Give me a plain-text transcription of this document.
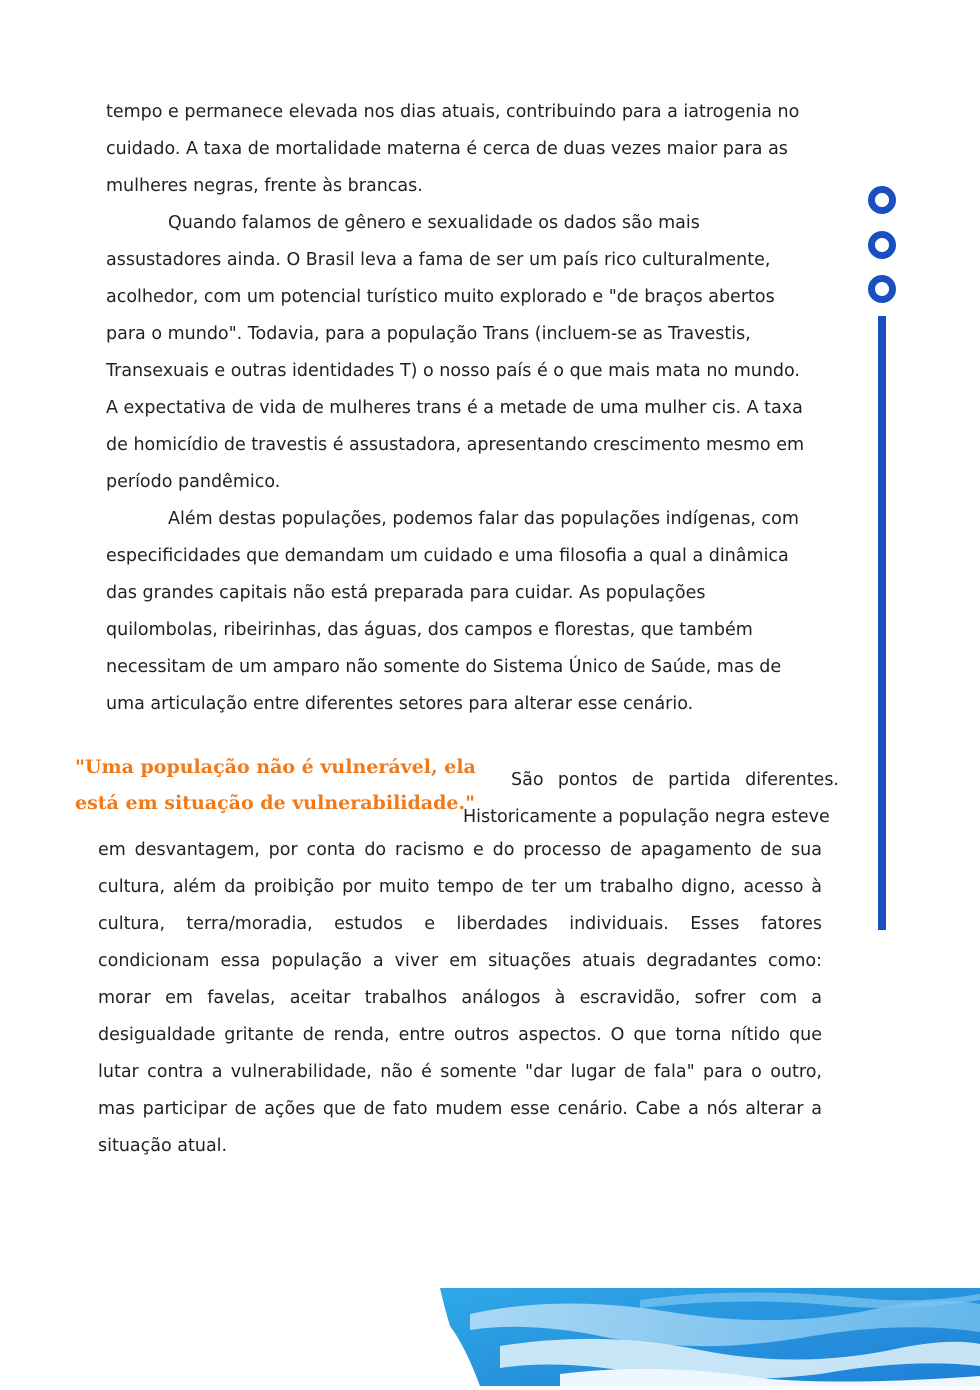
tempo e permanece elevada nos dias atuais, contribuindo para a iatrogenia no

cuidado. A taxa de mortalidade materna é cerca de duas vezes maior para as

mulheres negras, frente às brancas.

Quando falamos de gênero e sexualidade os dados são mais

assustadores ainda. O Brasil leva a fama de ser um país rico culturalmente,

acolhedor, com um potencial turístico muito explorado e "de braços abertos

para o mundo". Todavia, para a população Trans (incluem-se as Travestis,

Transexuais e outras identidades T) o nosso país é o que mais mata no mundo.

A expectativa de vida de mulheres trans é a metade de uma mulher cis. A taxa

de homicídio de travestis é assustadora, apresentando crescimento mesmo em

período pandêmico.

Além destas populações, podemos falar das populações indígenas, com

especificidades que demandam um cuidado e uma filosofia a qual a dinâmica

das grandes capitais não está preparada para cuidar. As populações

quilombolas, ribeirinhas, das águas, dos campos e florestas, que também

necessitam de um amparo não somente do Sistema Único de Saúde, mas de

uma articulação entre diferentes setores para alterar esse cenário.

"Uma população não é vulnerável, ela

está em situação de vulnerabilidade."

São pontos de partida diferentes.

Historicamente a população negra esteve

em desvantagem, por conta do racismo e do processo de apagamento de sua

cultura, além da proibição por muito tempo de ter um trabalho digno, acesso à

cultura, terra/moradia, estudos e liberdades individuais. Esses fatores

condicionam essa população a viver em situações atuais degradantes como:

morar em favelas, aceitar trabalhos análogos à escravidão, sofrer com a

desigualdade gritante de renda, entre outros aspectos. O que torna nítido que

lutar contra a vulnerabilidade, não é somente "dar lugar de fala" para o outro,

mas participar de ações que de fato mudem esse cenário. Cabe a nós alterar a

situação atual.
